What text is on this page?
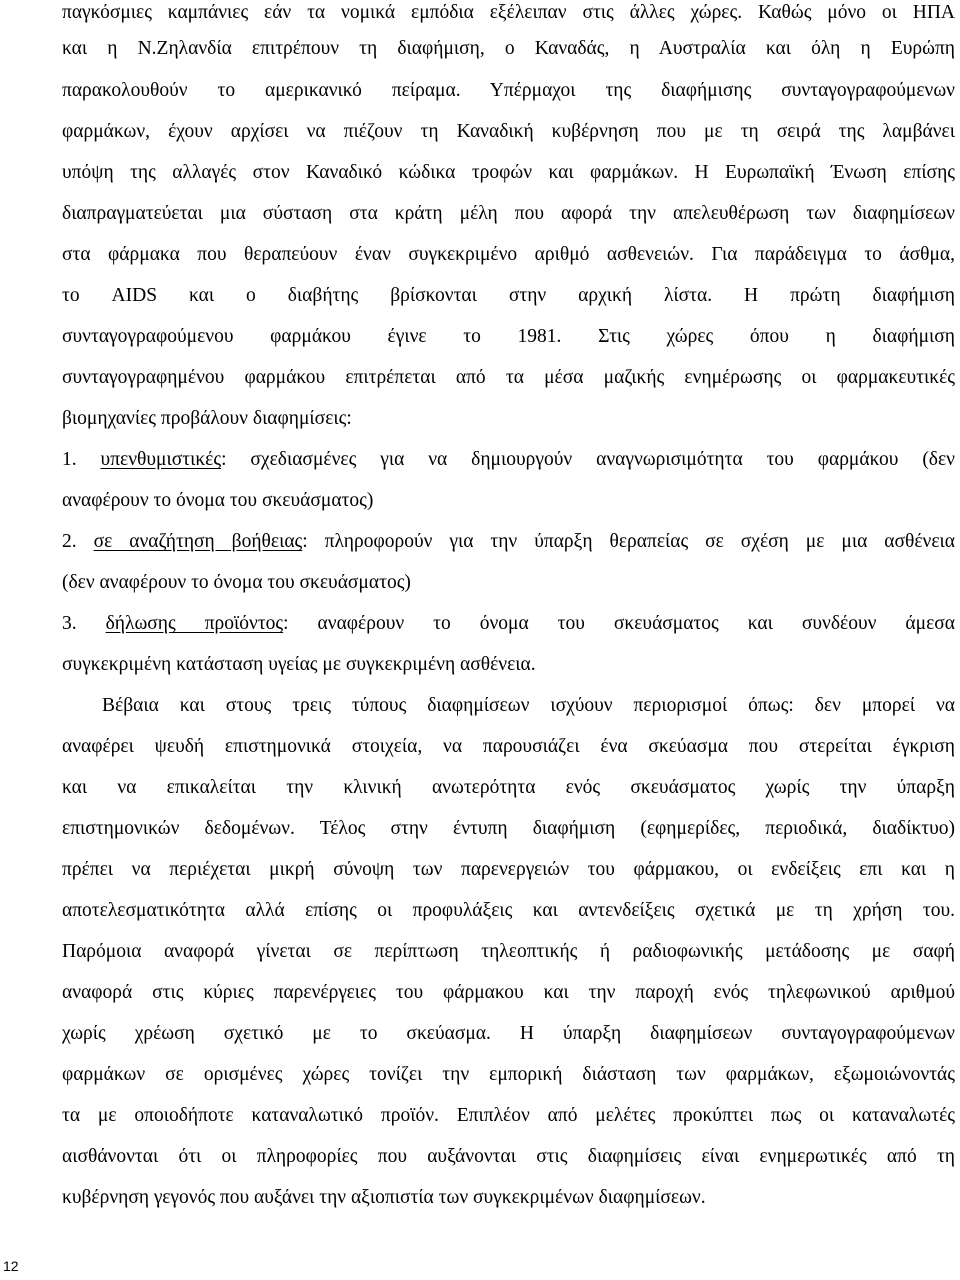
παγκόσμιες καμπάνιες εάν τα νομικά εμπόδια εξέλειπαν στις άλλες χώρες. Καθώς μόνο οι ΗΠΑ
και η Ν.Ζηλανδία επιτρέπουν τη διαφήμιση, ο Καναδάς, η Αυστραλία και όλη η Ευρώπη
παρακολουθούν το αμερικανικό πείραμα. Υπέρμαχοι της διαφήμισης συνταγογραφούμενων
φαρμάκων, έχουν αρχίσει να πιέζουν τη Καναδική κυβέρνηση που με τη σειρά της λαμβάνει
υπόψη της αλλαγές στον Καναδικό κώδικα τροφών και φαρμάκων. Η Ευρωπαϊκή Ένωση επίσης
διαπραγματεύεται μια σύσταση στα κράτη μέλη που αφορά την απελευθέρωση των διαφημίσεων
στα φάρμακα που θεραπεύουν έναν συγκεκριμένο αριθμό ασθενειών. Για παράδειγμα το άσθμα,
το AIDS και ο διαβήτης βρίσκονται στην αρχική λίστα. Η πρώτη διαφήμιση
συνταγογραφούμενου φαρμάκου έγινε το 1981. Στις χώρες όπου η διαφήμιση
συνταγογραφημένου φαρμάκου επιτρέπεται από τα μέσα μαζικής ενημέρωσης οι φαρμακευτικές
βιομηχανίες προβάλουν διαφημίσεις:
1. υπενθυμιστικές: σχεδιασμένες για να δημιουργούν αναγνωρισιμότητα του φαρμάκου (δεν
αναφέρουν το όνομα του σκευάσματος)
2. σε αναζήτηση βοήθειας: πληροφορούν για την ύπαρξη θεραπείας σε σχέση με μια ασθένεια
(δεν αναφέρουν το όνομα του σκευάσματος)
3. δήλωσης προϊόντος: αναφέρουν το όνομα του σκευάσματος και συνδέουν άμεσα
συγκεκριμένη κατάσταση υγείας με συγκεκριμένη ασθένεια.
Βέβαια και στους τρεις τύπους διαφημίσεων ισχύουν περιορισμοί όπως: δεν μπορεί να
αναφέρει ψευδή επιστημονικά στοιχεία, να παρουσιάζει ένα σκεύασμα που στερείται έγκριση
και να επικαλείται την κλινική ανωτερότητα ενός σκευάσματος χωρίς την ύπαρξη
επιστημονικών δεδομένων. Τέλος στην έντυπη διαφήμιση (εφημερίδες, περιοδικά, διαδίκτυο)
πρέπει να περιέχεται μικρή σύνοψη των παρενεργειών του φάρμακου, οι ενδείξεις επι και η
αποτελεσματικότητα αλλά επίσης οι προφυλάξεις και αντενδείξεις σχετικά με τη χρήση του.
Παρόμοια αναφορά γίνεται σε περίπτωση τηλεοπτικής ή ραδιοφωνικής μετάδοσης με σαφή
αναφορά στις κύριες παρενέργειες του φάρμακου και την παροχή ενός τηλεφωνικού αριθμού
χωρίς χρέωση σχετικό με το σκεύασμα. Η ύπαρξη διαφημίσεων συνταγογραφούμενων
φαρμάκων σε ορισμένες χώρες τονίζει την εμπορική διάσταση των φαρμάκων, εξωμοιώνοντάς
τα με οποιοδήποτε καταναλωτικό προϊόν. Επιπλέον από μελέτες προκύπτει πως οι καταναλωτές
αισθάνονται ότι οι πληροφορίες που αυξάνονται στις διαφημίσεις είναι ενημερωτικές από τη
κυβέρνηση γεγονός που αυξάνει την αξιοπιστία των συγκεκριμένων διαφημίσεων.
12
